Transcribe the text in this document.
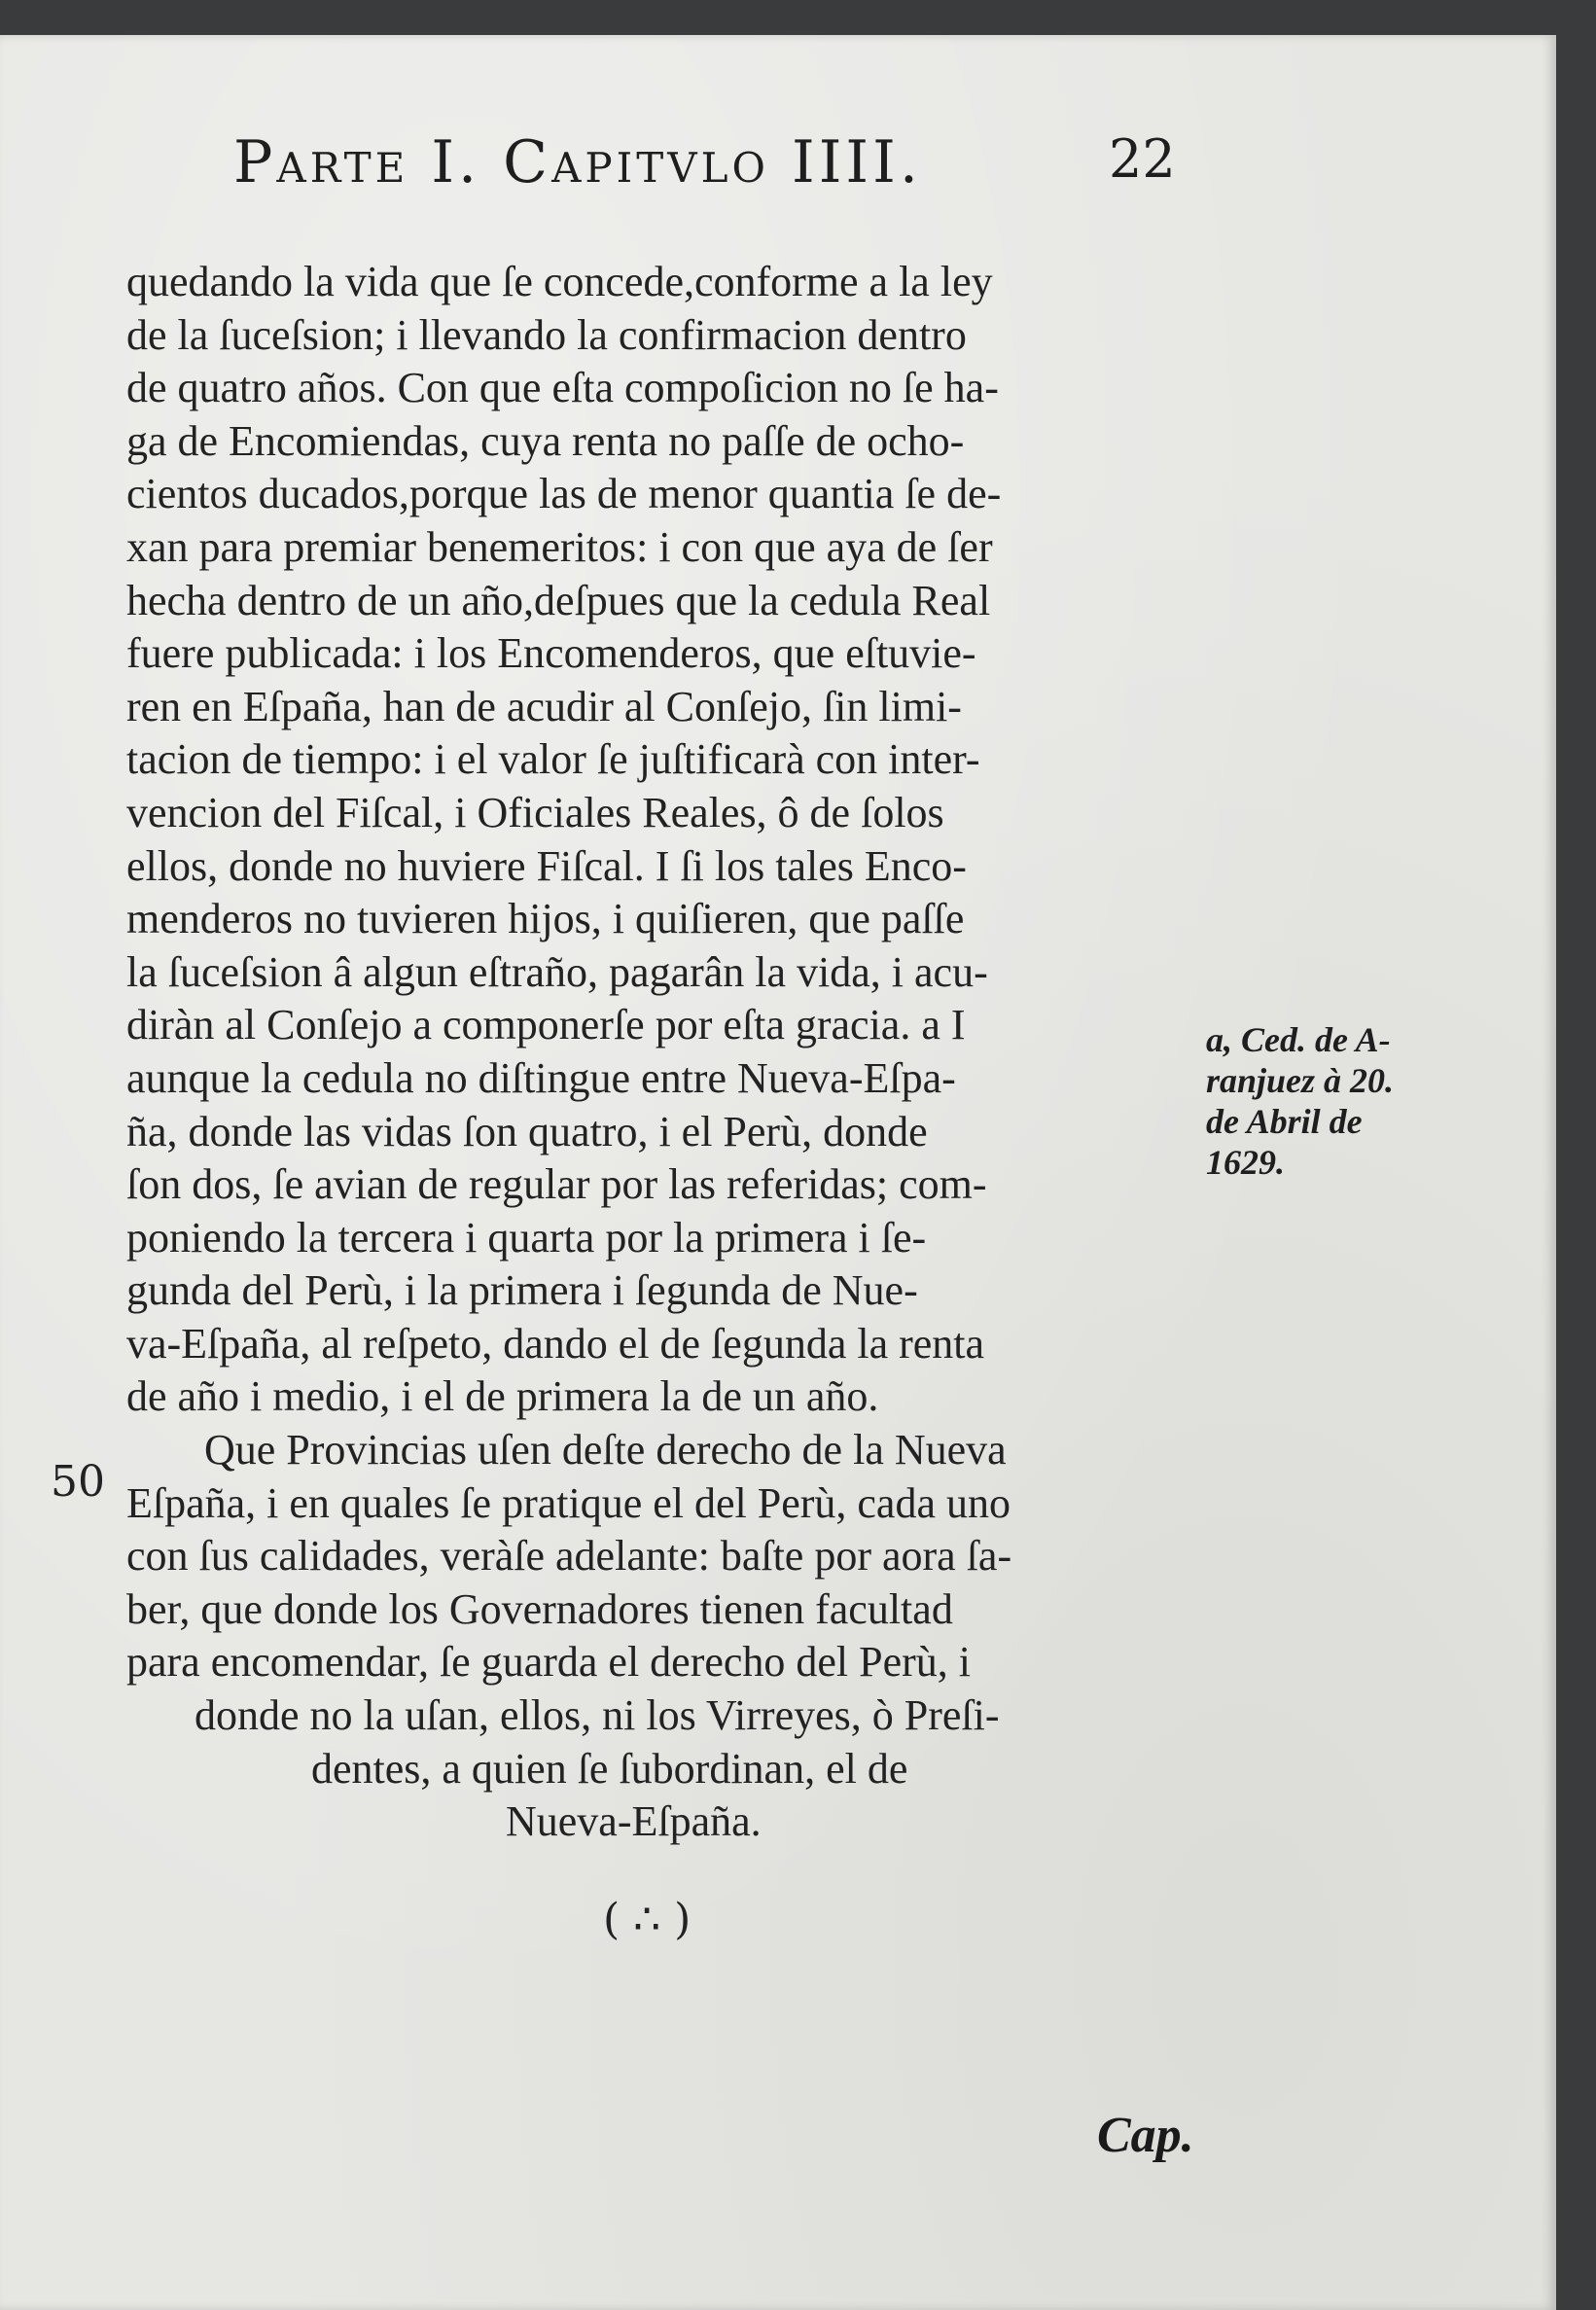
Parte I. Capitvlo IIII.	22
quedando la vida que ſe concede,conforme a la ley
de la ſuceſsion; i llevando la confirmacion dentro
de quatro años. Con que eſta compoſicion no ſe ha-
ga de Encomiendas, cuya renta no paſſe de ocho-
cientos ducados,porque las de menor quantia ſe de-
xan para premiar benemeritos: i con que aya de ſer
hecha dentro de un año,deſpues que la cedula Real
fuere publicada: i los Encomenderos, que eſtuvie-
ren en Eſpaña, han de acudir al Conſejo, ſin limi-
tacion de tiempo: i el valor ſe juſtificarà con inter-
vencion del Fiſcal, i Oficiales Reales, ô de ſolos
ellos, donde no huviere Fiſcal. I ſi los tales Enco-
menderos no tuvieren hijos, i quiſieren, que paſſe
la ſuceſsion â algun eſtraño, pagarân la vida, i acu-
diràn al Conſejo a componerſe por eſta gracia. a I
aunque la cedula no diſtingue entre Nueva-Eſpa-
ña, donde las vidas ſon quatro, i el Perù, donde
ſon dos, ſe avian de regular por las referidas; com-
poniendo la tercera i quarta por la primera i ſe-
gunda del Perù, i la primera i ſegunda de Nue-
va-Eſpaña, al reſpeto, dando el de ſegunda la renta
de año i medio, i el de primera la de un año.
Que Provincias uſen deſte derecho de la Nueva
Eſpaña, i en quales ſe pratique el del Perù, cada uno
con ſus calidades, veràſe adelante: baſte por aora ſa-
ber, que donde los Governadores tienen facultad
para encomendar, ſe guarda el derecho del Perù, i
donde no la uſan, ellos, ni los Virreyes, ò Preſi-
dentes, a quien ſe ſubordinan, el de
Nueva-Eſpaña.
( ∴ )
50
a, Ced. de A-
ranjuez à 20.
de Abril de
1629.
Cap.
